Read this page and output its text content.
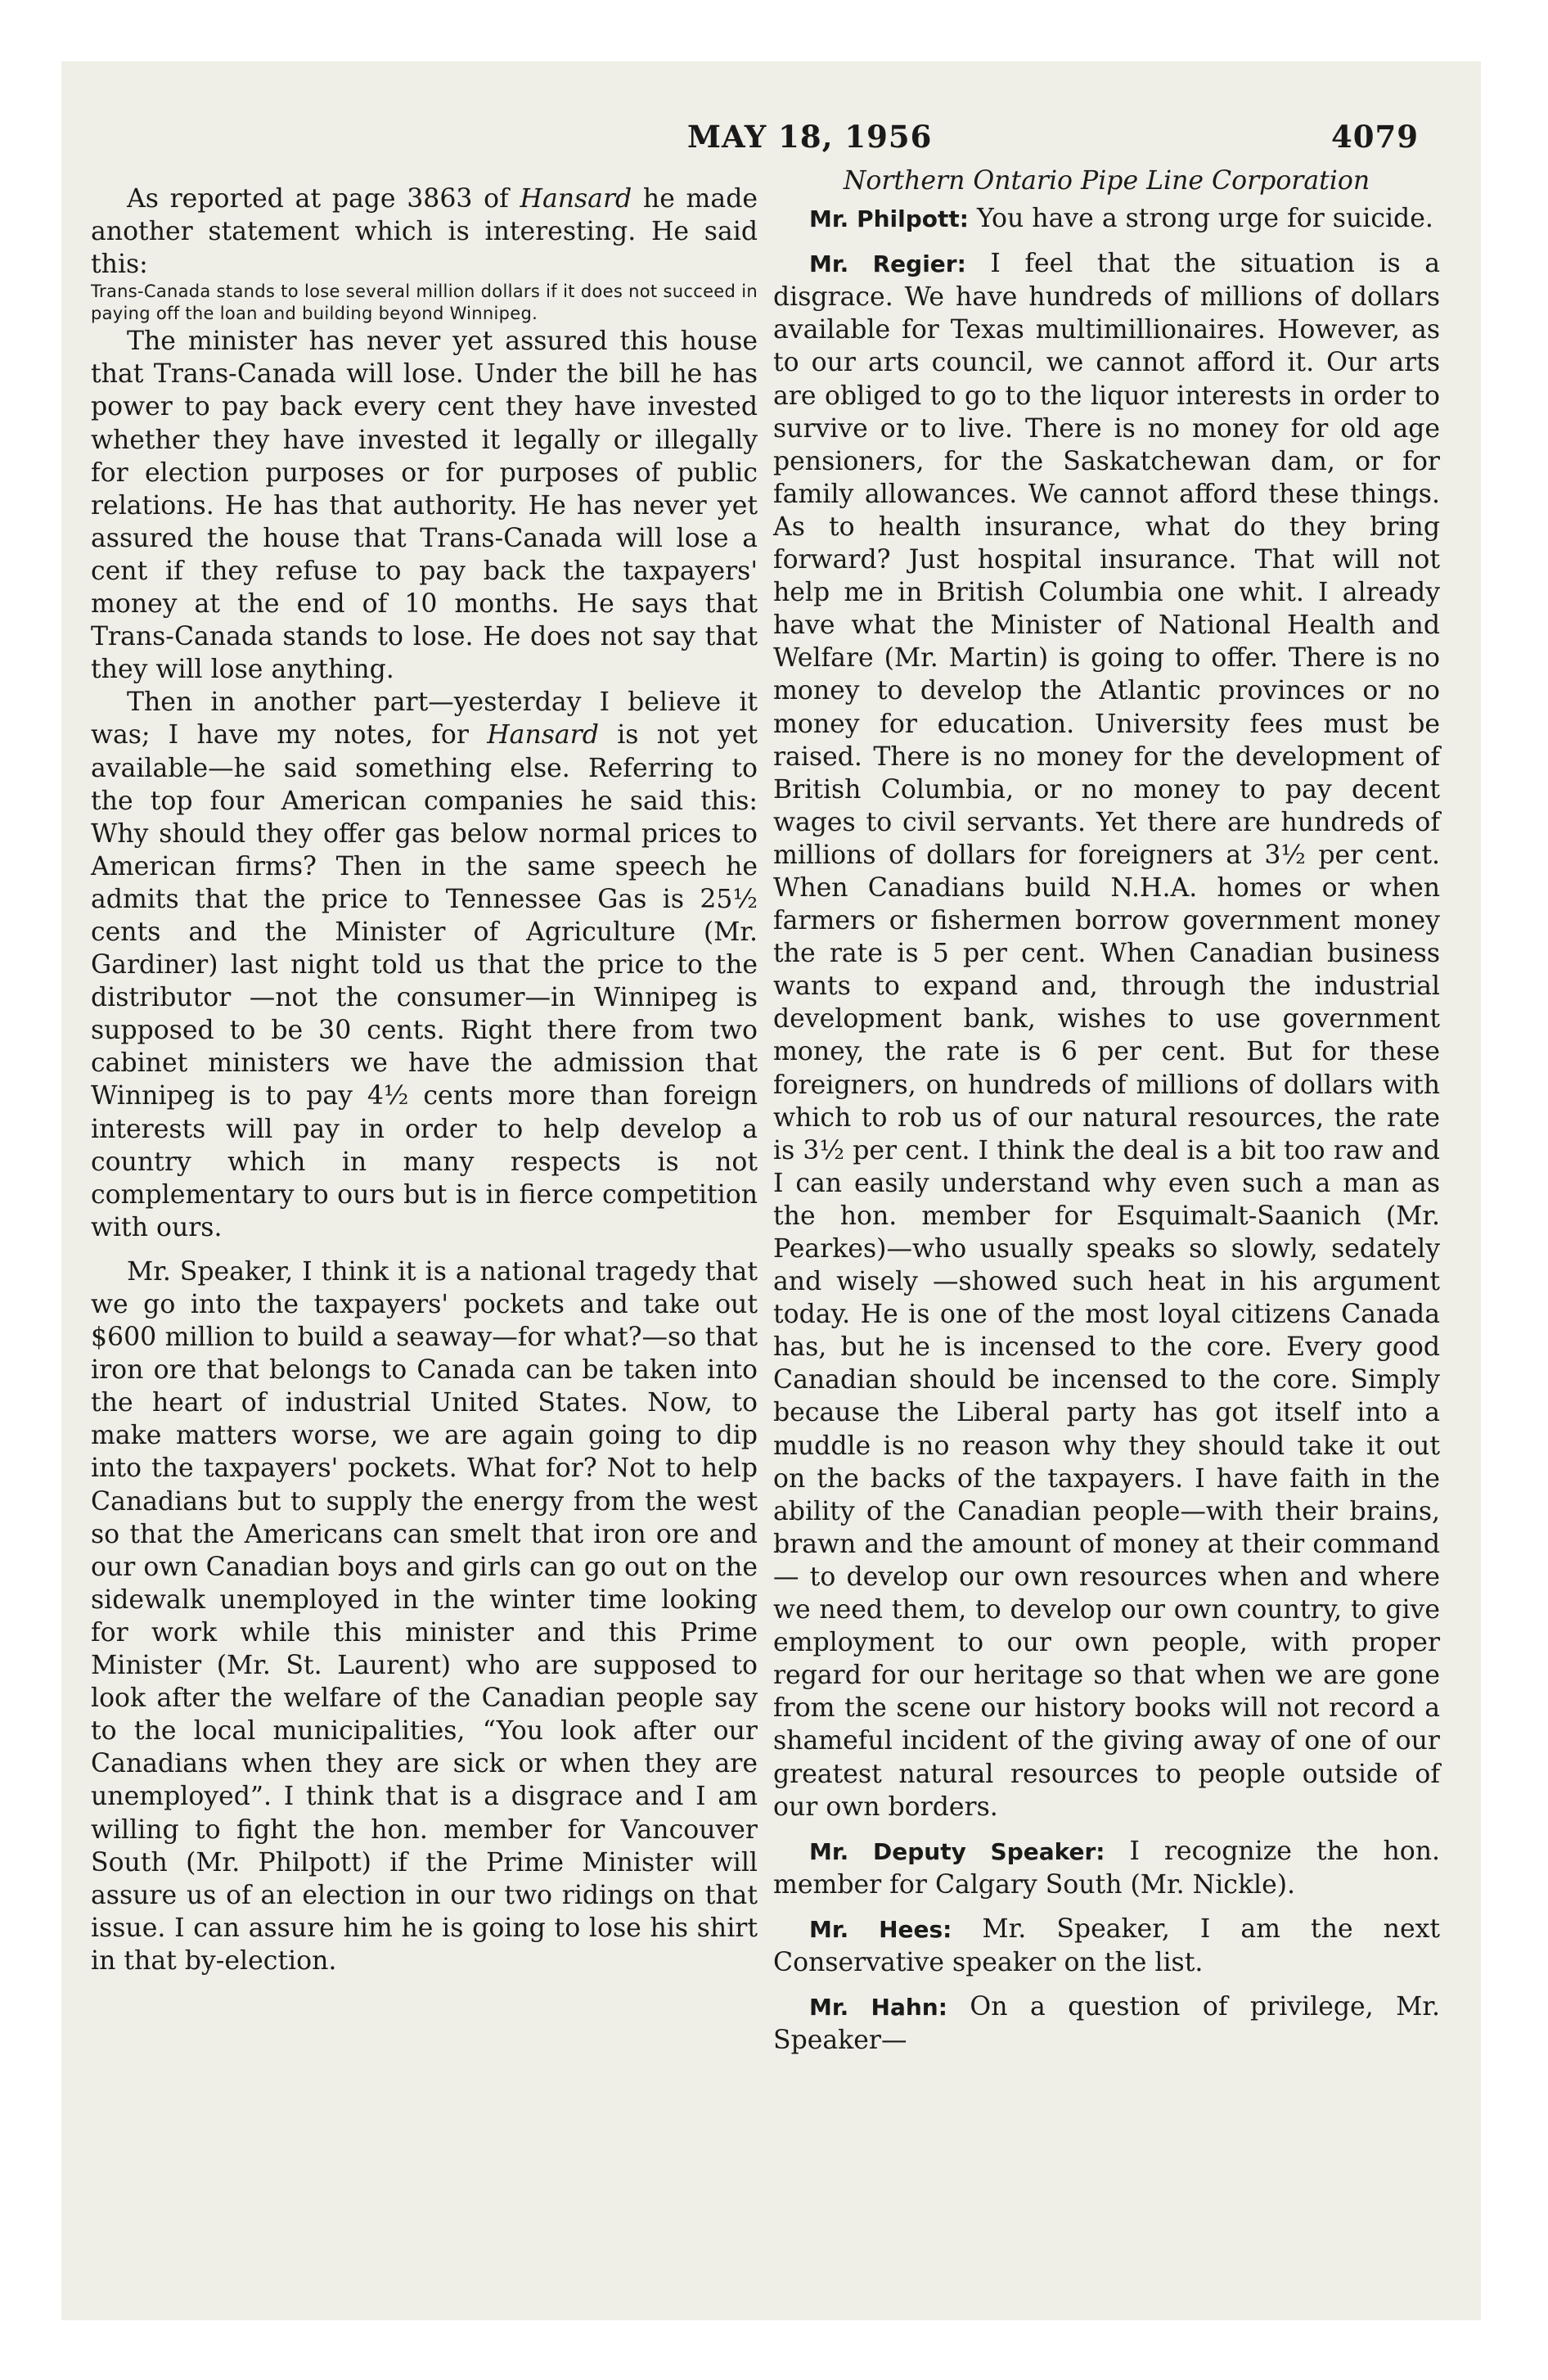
MAY 18, 1956	4079

As reported at page 3863 of Hansard he made another statement which is interesting. He said this:

Trans-Canada stands to lose several million dollars if it does not succeed in paying off the loan and building beyond Winnipeg.

The minister has never yet assured this house that Trans-Canada will lose. Under the bill he has power to pay back every cent they have invested whether they have invested it legally or illegally for election purposes or for purposes of public relations. He has that authority. He has never yet assured the house that Trans-Canada will lose a cent if they refuse to pay back the taxpayers' money at the end of 10 months. He says that Trans-Canada stands to lose. He does not say that they will lose anything.

Then in another part—yesterday I believe it was; I have my notes, for Hansard is not yet available—he said something else. Referring to the top four American companies he said this: Why should they offer gas below normal prices to American firms? Then in the same speech he admits that the price to Tennessee Gas is 25½ cents and the Minister of Agriculture (Mr. Gardiner) last night told us that the price to the distributor —not the consumer—in Winnipeg is supposed to be 30 cents. Right there from two cabinet ministers we have the admission that Winnipeg is to pay 4½ cents more than foreign interests will pay in order to help develop a country which in many respects is not complementary to ours but is in fierce competition with ours.

Mr. Speaker, I think it is a national tragedy that we go into the taxpayers' pockets and take out $600 million to build a seaway—for what?—so that iron ore that belongs to Canada can be taken into the heart of industrial United States. Now, to make matters worse, we are again going to dip into the taxpayers' pockets. What for? Not to help Canadians but to supply the energy from the west so that the Americans can smelt that iron ore and our own Canadian boys and girls can go out on the sidewalk unemployed in the winter time looking for work while this minister and this Prime Minister (Mr. St. Laurent) who are supposed to look after the welfare of the Canadian people say to the local municipalities, “You look after our Canadians when they are sick or when they are unemployed”. I think that is a disgrace and I am willing to fight the hon. member for Vancouver South (Mr. Philpott) if the Prime Minister will assure us of an election in our two ridings on that issue. I can assure him he is going to lose his shirt in that by-election.

Northern Ontario Pipe Line Corporation

Mr. Philpott: You have a strong urge for suicide.

Mr. Regier: I feel that the situation is a disgrace. We have hundreds of millions of dollars available for Texas multimillionaires. However, as to our arts council, we cannot afford it. Our arts are obliged to go to the liquor interests in order to survive or to live. There is no money for old age pensioners, for the Saskatchewan dam, or for family allowances. We cannot afford these things. As to health insurance, what do they bring forward? Just hospital insurance. That will not help me in British Columbia one whit. I already have what the Minister of National Health and Welfare (Mr. Martin) is going to offer. There is no money to develop the Atlantic provinces or no money for education. University fees must be raised. There is no money for the development of British Columbia, or no money to pay decent wages to civil servants. Yet there are hundreds of millions of dollars for foreigners at 3½ per cent. When Canadians build N.H.A. homes or when farmers or fishermen borrow government money the rate is 5 per cent. When Canadian business wants to expand and, through the industrial development bank, wishes to use government money, the rate is 6 per cent. But for these foreigners, on hundreds of millions of dollars with which to rob us of our natural resources, the rate is 3½ per cent. I think the deal is a bit too raw and I can easily understand why even such a man as the hon. member for Esquimalt-Saanich (Mr. Pearkes)—who usually speaks so slowly, sedately and wisely —showed such heat in his argument today. He is one of the most loyal citizens Canada has, but he is incensed to the core. Every good Canadian should be incensed to the core. Simply because the Liberal party has got itself into a muddle is no reason why they should take it out on the backs of the taxpayers. I have faith in the ability of the Canadian people—with their brains, brawn and the amount of money at their command— to develop our own resources when and where we need them, to develop our own country, to give employment to our own people, with proper regard for our heritage so that when we are gone from the scene our history books will not record a shameful incident of the giving away of one of our greatest natural resources to people outside of our own borders.

Mr. Deputy Speaker: I recognize the hon. member for Calgary South (Mr. Nickle).

Mr. Hees: Mr. Speaker, I am the next Conservative speaker on the list.

Mr. Hahn: On a question of privilege, Mr. Speaker—
